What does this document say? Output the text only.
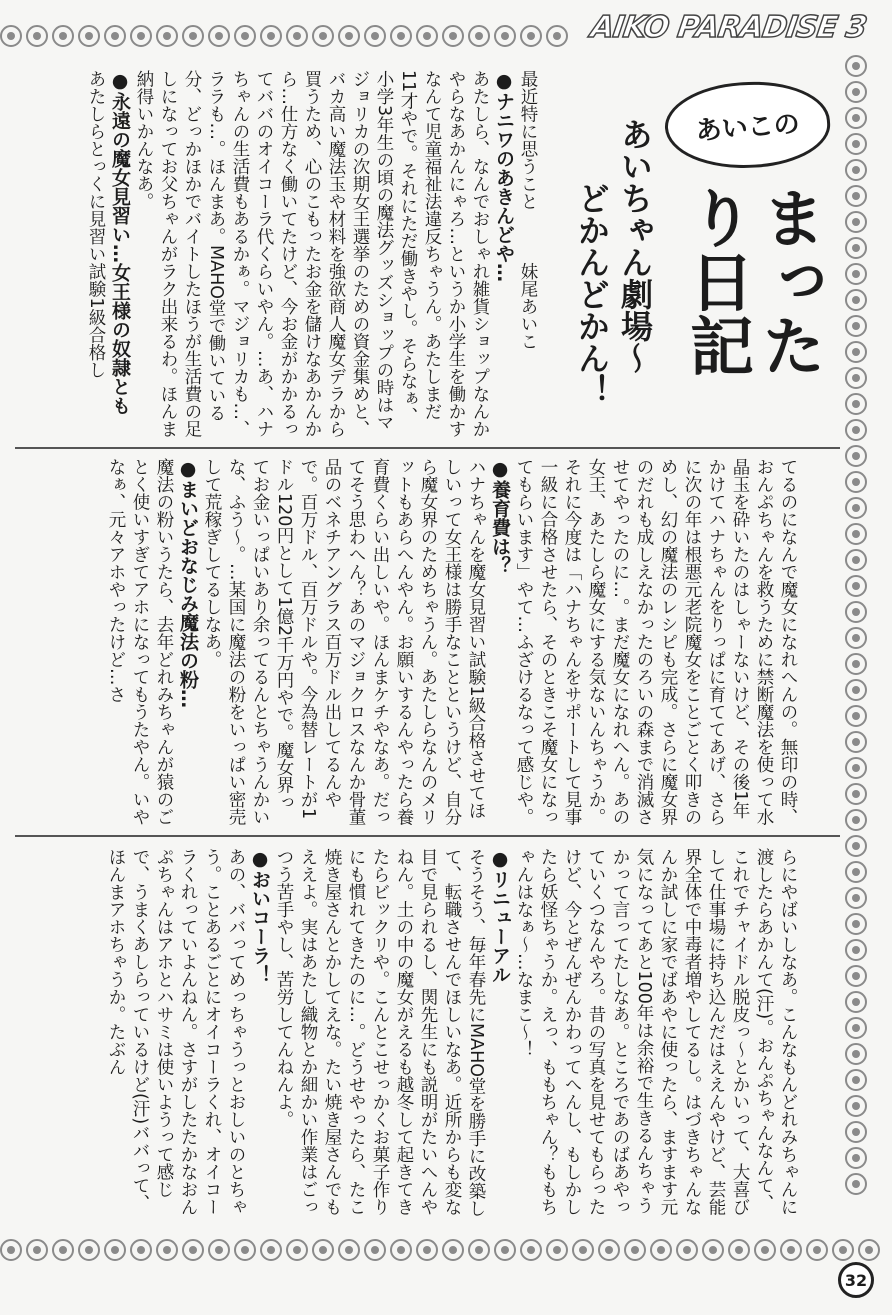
AIKO PARADISE 3
あいこの
まったり日記
あいちゃん劇場〜
どかんどかん！

最近特に思うこと　　　妹尾あいこ

●ナニワのあきんどや…

あたしら、なんでおしゃれ雑貨ショップなんかやらなあかんにゃろ…というか小学生を働かすなんて児童福祉法違反ちゃうん。あたしまだ11才やで。それにただ働きやし。そらなぁ、小学3年生の頃の魔法グッズショップの時はマジョリカの次期女王選挙のための資金集めと、バカ高い魔法玉や材料を強欲商人魔女デラから買うため、心のこもったお金を儲けなあかんから…仕方なく働いてたけど、今お金がかかるってババのオイコーラ代くらいやん。…あ、ハナちゃんの生活費もあるかぁ。マジョリカも…、ララも…。ほんまあ。MAHO堂で働いている分、どっかほかでバイトしたほうが生活費の足しになってお父ちゃんがラク出来るわ。ほんま納得いかんなあ。

●永遠の魔女見習い…女王様の奴隷とも

あたしらとっくに見習い試験1級合格し

てるのになんで魔女になれへんの。無印の時、おんぷちゃんを救うために禁断魔法を使って水晶玉を砕いたのはしゃーないけど、その後1年かけてハナちゃんをりっぱに育ててあげ、さらに次の年は根悪元老院魔女をことごとく叩きのめし、幻の魔法のレシピも完成。さらに魔女界のだれも成しえなかったのろいの森まで消滅させてやったのに…。まだ魔女になれへん。あの女王、あたしら魔女にする気ないんちゃうか。それに今度は「ハナちゃんをサポートして見事一級に合格させたら、そのときこそ魔女になってもらいます」やて…ふざけるなって感じや。

●養育費は？

ハナちゃんを魔女見習い試験1級合格させてほしいって女王様は勝手なことというけど、自分ら魔女界のためちゃうん。あたしらなんのメリットもあらへんやん。お願いするんやったら養育費くらい出しいや。ほんまケチやなあ。だってそう思わへん？あのマジョクロスなんか骨董品のベネチアングラス百万ドル出してるんやで。百万ドル、百万ドルや。今為替レートが1ドル120円として1億2千万円やで。魔女界ってお金いっぱいあり余ってるんとちゃうんかいな、ふう〜。…某国に魔法の粉をいっぱい密売して荒稼ぎしてるしなあ。

●まいどおなじみ魔法の粉…

魔法の粉いうたら、去年どれみちゃんが猿のごとく使いすぎてアホになってもうたやん。いやなぁ、元々アホやったけど…さ

らにやばいしなあ。こんなもんどれみちゃんに渡したらあかんて(汗)。おんぷちゃんなんて、これでチャイドル脱皮っ〜とかいって、大喜びして仕事場に持ち込んだはええんやけど、芸能界全体で中毒者増やしてるし。はづきちゃんなんか試しに家でばあやに使ったら、ますます元気になってあと100年は余裕で生きるんちゃうかって言ってたしなあ。ところであのばあやっていくつなんやろ。昔の写真を見せてもらったけど、今とぜんぜんかわってへんし、もしかしたら妖怪ちゃうか。えっ、ももちゃん？ももちゃんはなぁ〜…なまこ〜！

●リニューアル

そうそう、毎年春先にMAHO堂を勝手に改築して、転職させんでほしいなあ。近所からも変な目で見られるし、関先生にも説明がたいへんやねん。土の中の魔女がえるも越冬して起きてきたらビックリや。こんとこせっかくお菓子作りにも慣れてきたのに…。どうせやったら、たこ焼き屋さんとかしてえな。たい焼き屋さんでもええよ。実はあたし織物とか細かい作業はごっつう苦手やし、苦労してんねんよ。

●おいコーラ！

あの、ババってめっちゃうっとおしいのとちゃう。ことあるごとにオイコーラくれ、オイコーラくれっていよんねん。さすがしたたかなおんぷちゃんはアホとハサミは使いようって感じで、うまくあしらっているけど(汗)ババって、ほんまアホちゃうか。たぶん

32
